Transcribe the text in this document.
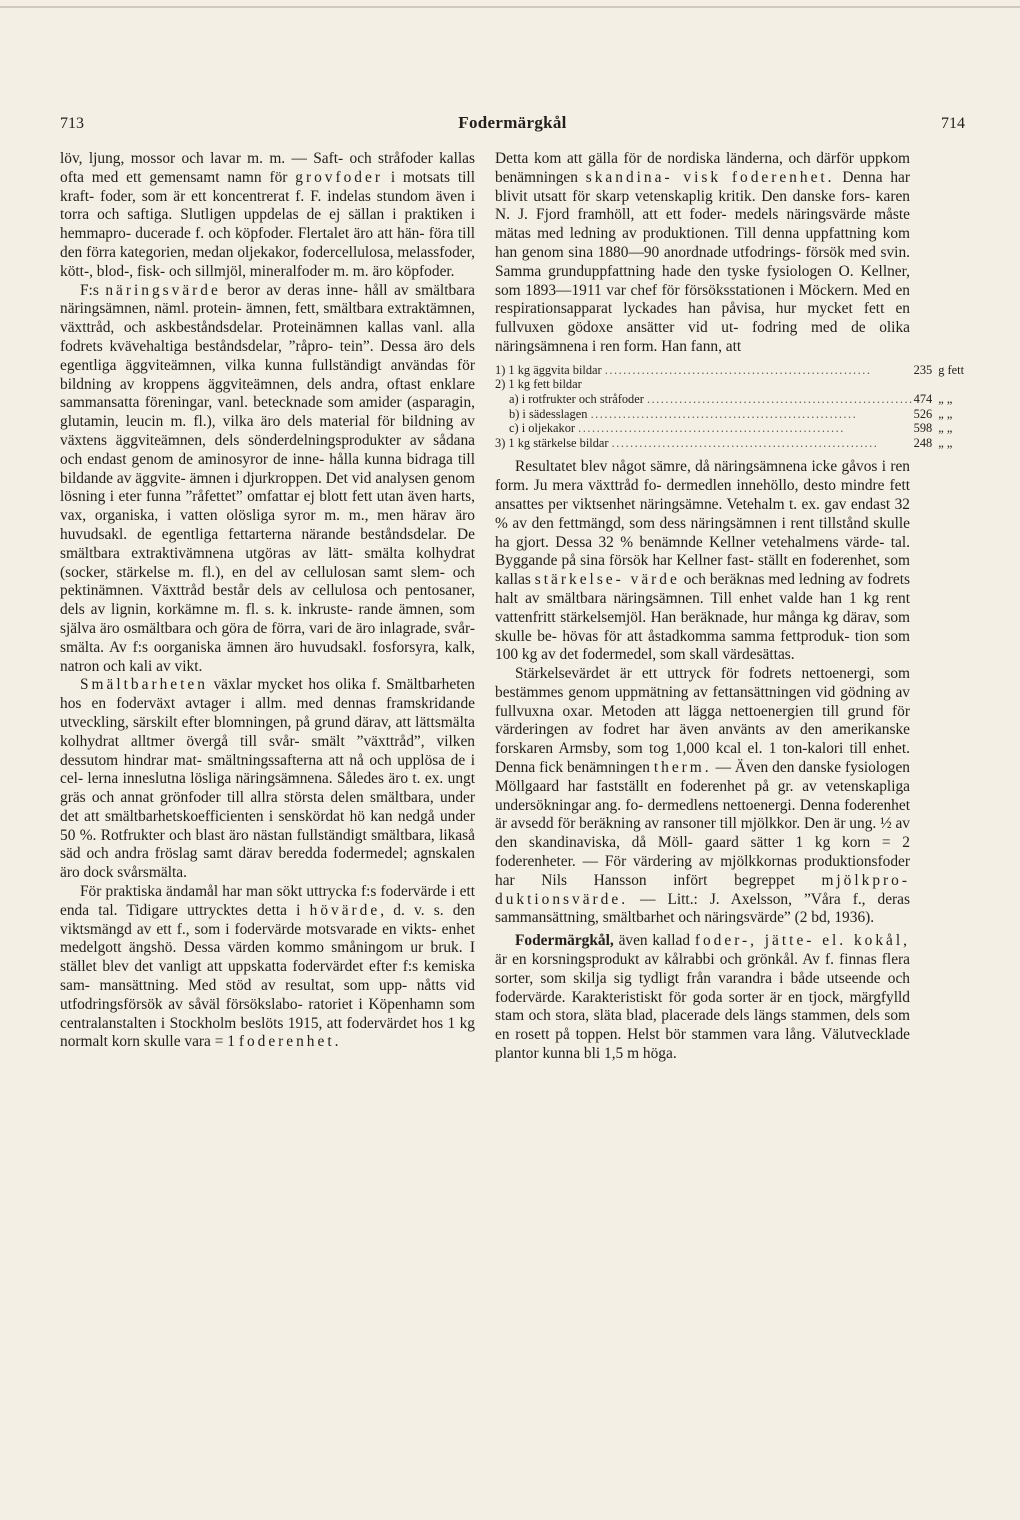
713	Fodermärgkål	714

löv, ljung, mossor och lavar m. m. — Saft- och stråfoder kallas ofta med ett gemensamt namn för grovfoder i motsats till kraft- foder, som är ett koncentrerat f. F. indelas stundom även i torra och saftiga. Slutligen uppdelas de ej sällan i praktiken i hemmapro- ducerade f. och köpfoder. Flertalet äro att hän- föra till den förra kategorien, medan oljekakor, fodercellulosa, melassfoder, kött-, blod-, fisk- och sillmjöl, mineralfoder m. m. äro köpfoder.

F:s näringsvärde beror av deras inne- håll av smältbara näringsämnen, näml. protein- ämnen, fett, smältbara extraktämnen, växttråd, och askbeståndsdelar. Proteinämnen kallas vanl. alla fodrets kvävehaltiga beståndsdelar, ”råpro- tein”. Dessa äro dels egentliga äggviteämnen, vilka kunna fullständigt användas för bildning av kroppens äggviteämnen, dels andra, oftast enklare sammansatta föreningar, vanl. betecknade som amider (asparagin, glutamin, leucin m. fl.), vilka äro dels material för bildning av växtens äggviteämnen, dels sönderdelningsprodukter av sådana och endast genom de aminosyror de inne- hålla kunna bidraga till bildande av äggvite- ämnen i djurkroppen. Det vid analysen genom lösning i eter funna ”råfettet” omfattar ej blott fett utan även harts, vax, organiska, i vatten olösliga syror m. m., men härav äro huvudsakl. de egentliga fettarterna närande beståndsdelar. De smältbara extraktivämnena utgöras av lätt- smälta kolhydrat (socker, stärkelse m. fl.), en del av cellulosan samt slem- och pektinämnen. Växttråd består dels av cellulosa och pentosaner, dels av lignin, korkämne m. fl. s. k. inkruste- rande ämnen, som själva äro osmältbara och göra de förra, vari de äro inlagrade, svår- smälta. Av f:s oorganiska ämnen äro huvudsakl. fosforsyra, kalk, natron och kali av vikt.

Smältbarheten växlar mycket hos olika f. Smältbarheten hos en foderväxt avtager i allm. med dennas framskridande utveckling, särskilt efter blomningen, på grund därav, att lättsmälta kolhydrat alltmer övergå till svår- smält ”växttråd”, vilken dessutom hindrar mat- smältningssafterna att nå och upplösa de i cel- lerna inneslutna lösliga näringsämnena. Således äro t. ex. ungt gräs och annat grönfoder till allra största delen smältbara, under det att smältbarhetskoefficienten i senskördat hö kan nedgå under 50 %. Rotfrukter och blast äro nästan fullständigt smältbara, likaså säd och andra fröslag samt därav beredda fodermedel; agnskalen äro dock svårsmälta.

För praktiska ändamål har man sökt uttrycka f:s fodervärde i ett enda tal. Tidigare uttrycktes detta i hövärde, d. v. s. den viktsmängd av ett f., som i fodervärde motsvarade en vikts- enhet medelgott ängshö. Dessa värden kommo småningom ur bruk. I stället blev det vanligt att uppskatta fodervärdet efter f:s kemiska sam- mansättning. Med stöd av resultat, som upp- nåtts vid utfodringsförsök av såväl försökslabo- ratoriet i Köpenhamn som centralanstalten i Stockholm beslöts 1915, att fodervärdet hos 1 kg normalt korn skulle vara = 1 foderenhet.

Detta kom att gälla för de nordiska länderna, och därför uppkom benämningen skandina- visk foderenhet. Denna har blivit utsatt för skarp vetenskaplig kritik. Den danske fors- karen N. J. Fjord framhöll, att ett foder- medels näringsvärde måste mätas med ledning av produktionen. Till denna uppfattning kom han genom sina 1880—90 anordnade utfodrings- försök med svin. Samma grunduppfattning hade den tyske fysiologen O. Kellner, som 1893—1911 var chef för försöksstationen i Möckern. Med en respirationsapparat lyckades han påvisa, hur mycket fett en fullvuxen gödoxe ansätter vid ut- fodring med de olika näringsämnena i ren form. Han fann, att

1) 1 kg äggvita bildar ..........................................................	235	g fett
2) 1 kg fett bildar		
a) i rotfrukter och stråfoder ..........................................................	474	„ „
b) i sädesslagen ..........................................................	526	„ „
c) i oljekakor ..........................................................	598	„ „
3) 1 kg stärkelse bildar ..........................................................	248	„ „

Resultatet blev något sämre, då näringsämnena icke gåvos i ren form. Ju mera växttråd fo- dermedlen innehöllo, desto mindre fett ansattes per viktsenhet näringsämne. Vetehalm t. ex. gav endast 32 % av den fettmängd, som dess näringsämnen i rent tillstånd skulle ha gjort. Dessa 32 % benämnde Kellner vetehalmens värde- tal. Byggande på sina försök har Kellner fast- ställt en foderenhet, som kallas stärkelse- värde och beräknas med ledning av fodrets halt av smältbara näringsämnen. Till enhet valde han 1 kg rent vattenfritt stärkelsemjöl. Han beräknade, hur många kg därav, som skulle be- hövas för att åstadkomma samma fettproduk- tion som 100 kg av det fodermedel, som skall värdesättas.

Stärkelsevärdet är ett uttryck för fodrets nettoenergi, som bestämmes genom uppmätning av fettansättningen vid gödning av fullvuxna oxar. Metoden att lägga nettoenergien till grund för värderingen av fodret har även använts av den amerikanske forskaren Armsby, som tog 1,000 kcal el. 1 ton-kalori till enhet. Denna fick benämningen therm. — Även den danske fysiologen Möllgaard har fastställt en foderenhet på gr. av vetenskapliga undersökningar ang. fo- dermedlens nettoenergi. Denna foderenhet är avsedd för beräkning av ransoner till mjölkkor. Den är ung. ½ av den skandinaviska, då Möll- gaard sätter 1 kg korn = 2 foderenheter. — För värdering av mjölkkornas produktionsfoder har Nils Hansson infört begreppet mjölkpro- duktionsvärde. — Litt.: J. Axelsson, ”Våra f., deras sammansättning, smältbarhet och näringsvärde” (2 bd, 1936).

Fodermärgkål, även kallad foder-, jätte- el. kokål, är en korsningsprodukt av kålrabbi och grönkål. Av f. finnas flera sorter, som skilja sig tydligt från varandra i både utseende och fodervärde. Karakteristiskt för goda sorter är en tjock, märgfylld stam och stora, släta blad, placerade dels längs stammen, dels som en rosett på toppen. Helst bör stammen vara lång. Välutvecklade plantor kunna bli 1,5 m höga.
